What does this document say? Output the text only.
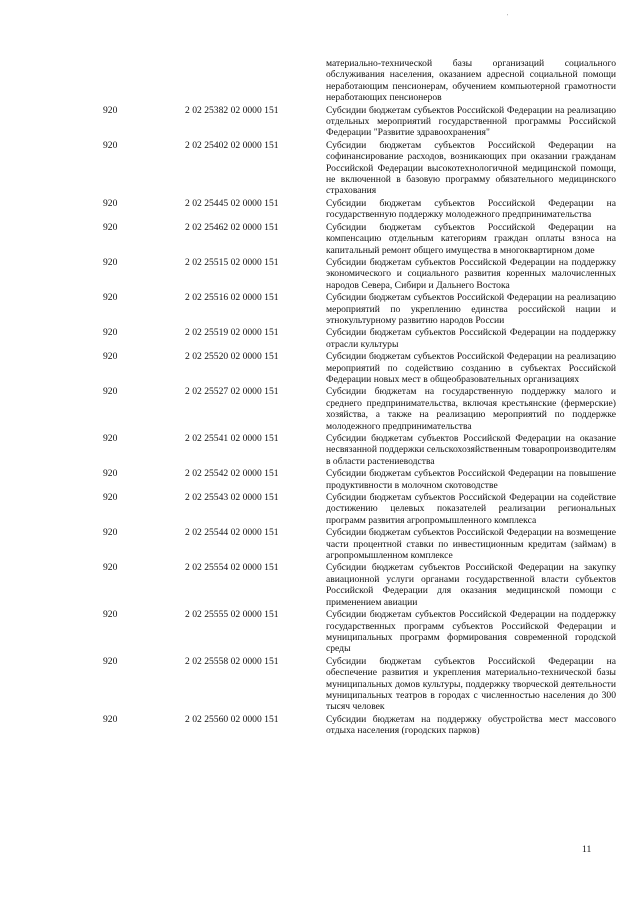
'
материально-технической базы организаций социального обслуживания населения, оказанием адресной социальной помощи неработающим пенсионерам, обучением компьютерной грамотности неработающих пенсионеров
920	2 02 25382 02 0000 151	Субсидии бюджетам субъектов Российской Федерации на реализацию отдельных мероприятий государственной программы Российской Федерации "Развитие здравоохранения"
920	2 02 25402 02 0000 151	Субсидии бюджетам субъектов Российской Федерации на софинансирование расходов, возникающих при оказании гражданам Российской Федерации высокотехнологичной медицинской помощи, не включенной в базовую программу обязательного медицинского страхования
920	2 02 25445 02 0000 151	Субсидии бюджетам субъектов Российской Федерации на государственную поддержку молодежного предпринимательства
920	2 02 25462 02 0000 151	Субсидии бюджетам субъектов Российской Федерации на компенсацию отдельным категориям граждан оплаты взноса на капитальный ремонт общего имущества в многоквартирном доме
920	2 02 25515 02 0000 151	Субсидии бюджетам субъектов Российской Федерации на поддержку экономического и социального развития коренных малочисленных народов Севера, Сибири и Дальнего Востока
920	2 02 25516 02 0000 151	Субсидии бюджетам субъектов Российской Федерации на реализацию мероприятий по укреплению единства российской нации и этнокультурному развитию народов России
920	2 02 25519 02 0000 151	Субсидии бюджетам субъектов Российской Федерации на поддержку отрасли культуры
920	2 02 25520 02 0000 151	Субсидии бюджетам субъектов Российской Федерации на реализацию мероприятий по содействию созданию в субъектах Российской Федерации новых мест в общеобразовательных организациях
920	2 02 25527 02 0000 151	Субсидии бюджетам на государственную поддержку малого и среднего предпринимательства, включая крестьянские (фермерские) хозяйства, а также на реализацию мероприятий по поддержке молодежного предпринимательства
920	2 02 25541 02 0000 151	Субсидии бюджетам субъектов Российской Федерации на оказание несвязанной поддержки сельскохозяйственным товаропроизводителям в области растениеводства
920	2 02 25542 02 0000 151	Субсидии бюджетам субъектов Российской Федерации на повышение продуктивности в молочном скотоводстве
920	2 02 25543 02 0000 151	Субсидии бюджетам субъектов Российской Федерации на содействие достижению целевых показателей реализации региональных программ развития агропромышленного комплекса
920	2 02 25544 02 0000 151	Субсидии бюджетам субъектов Российской Федерации на возмещение части процентной ставки по инвестиционным кредитам (займам) в агропромышленном комплексе
920	2 02 25554 02 0000 151	Субсидии бюджетам субъектов Российской Федерации на закупку авиационной услуги органами государственной власти субъектов Российской Федерации для оказания медицинской помощи с применением авиации
920	2 02 25555 02 0000 151	Субсидии бюджетам субъектов Российской Федерации на поддержку государственных программ субъектов Российской Федерации и муниципальных программ формирования современной городской среды
920	2 02 25558 02 0000 151	Субсидии бюджетам субъектов Российской Федерации на обеспечение развития и укрепления материально-технической базы муниципальных домов культуры, поддержку творческой деятельности муниципальных театров в городах с численностью населения до 300 тысяч человек
920	2 02 25560 02 0000 151	Субсидии бюджетам на поддержку обустройства мест массового отдыха населения (городских парков)
11
